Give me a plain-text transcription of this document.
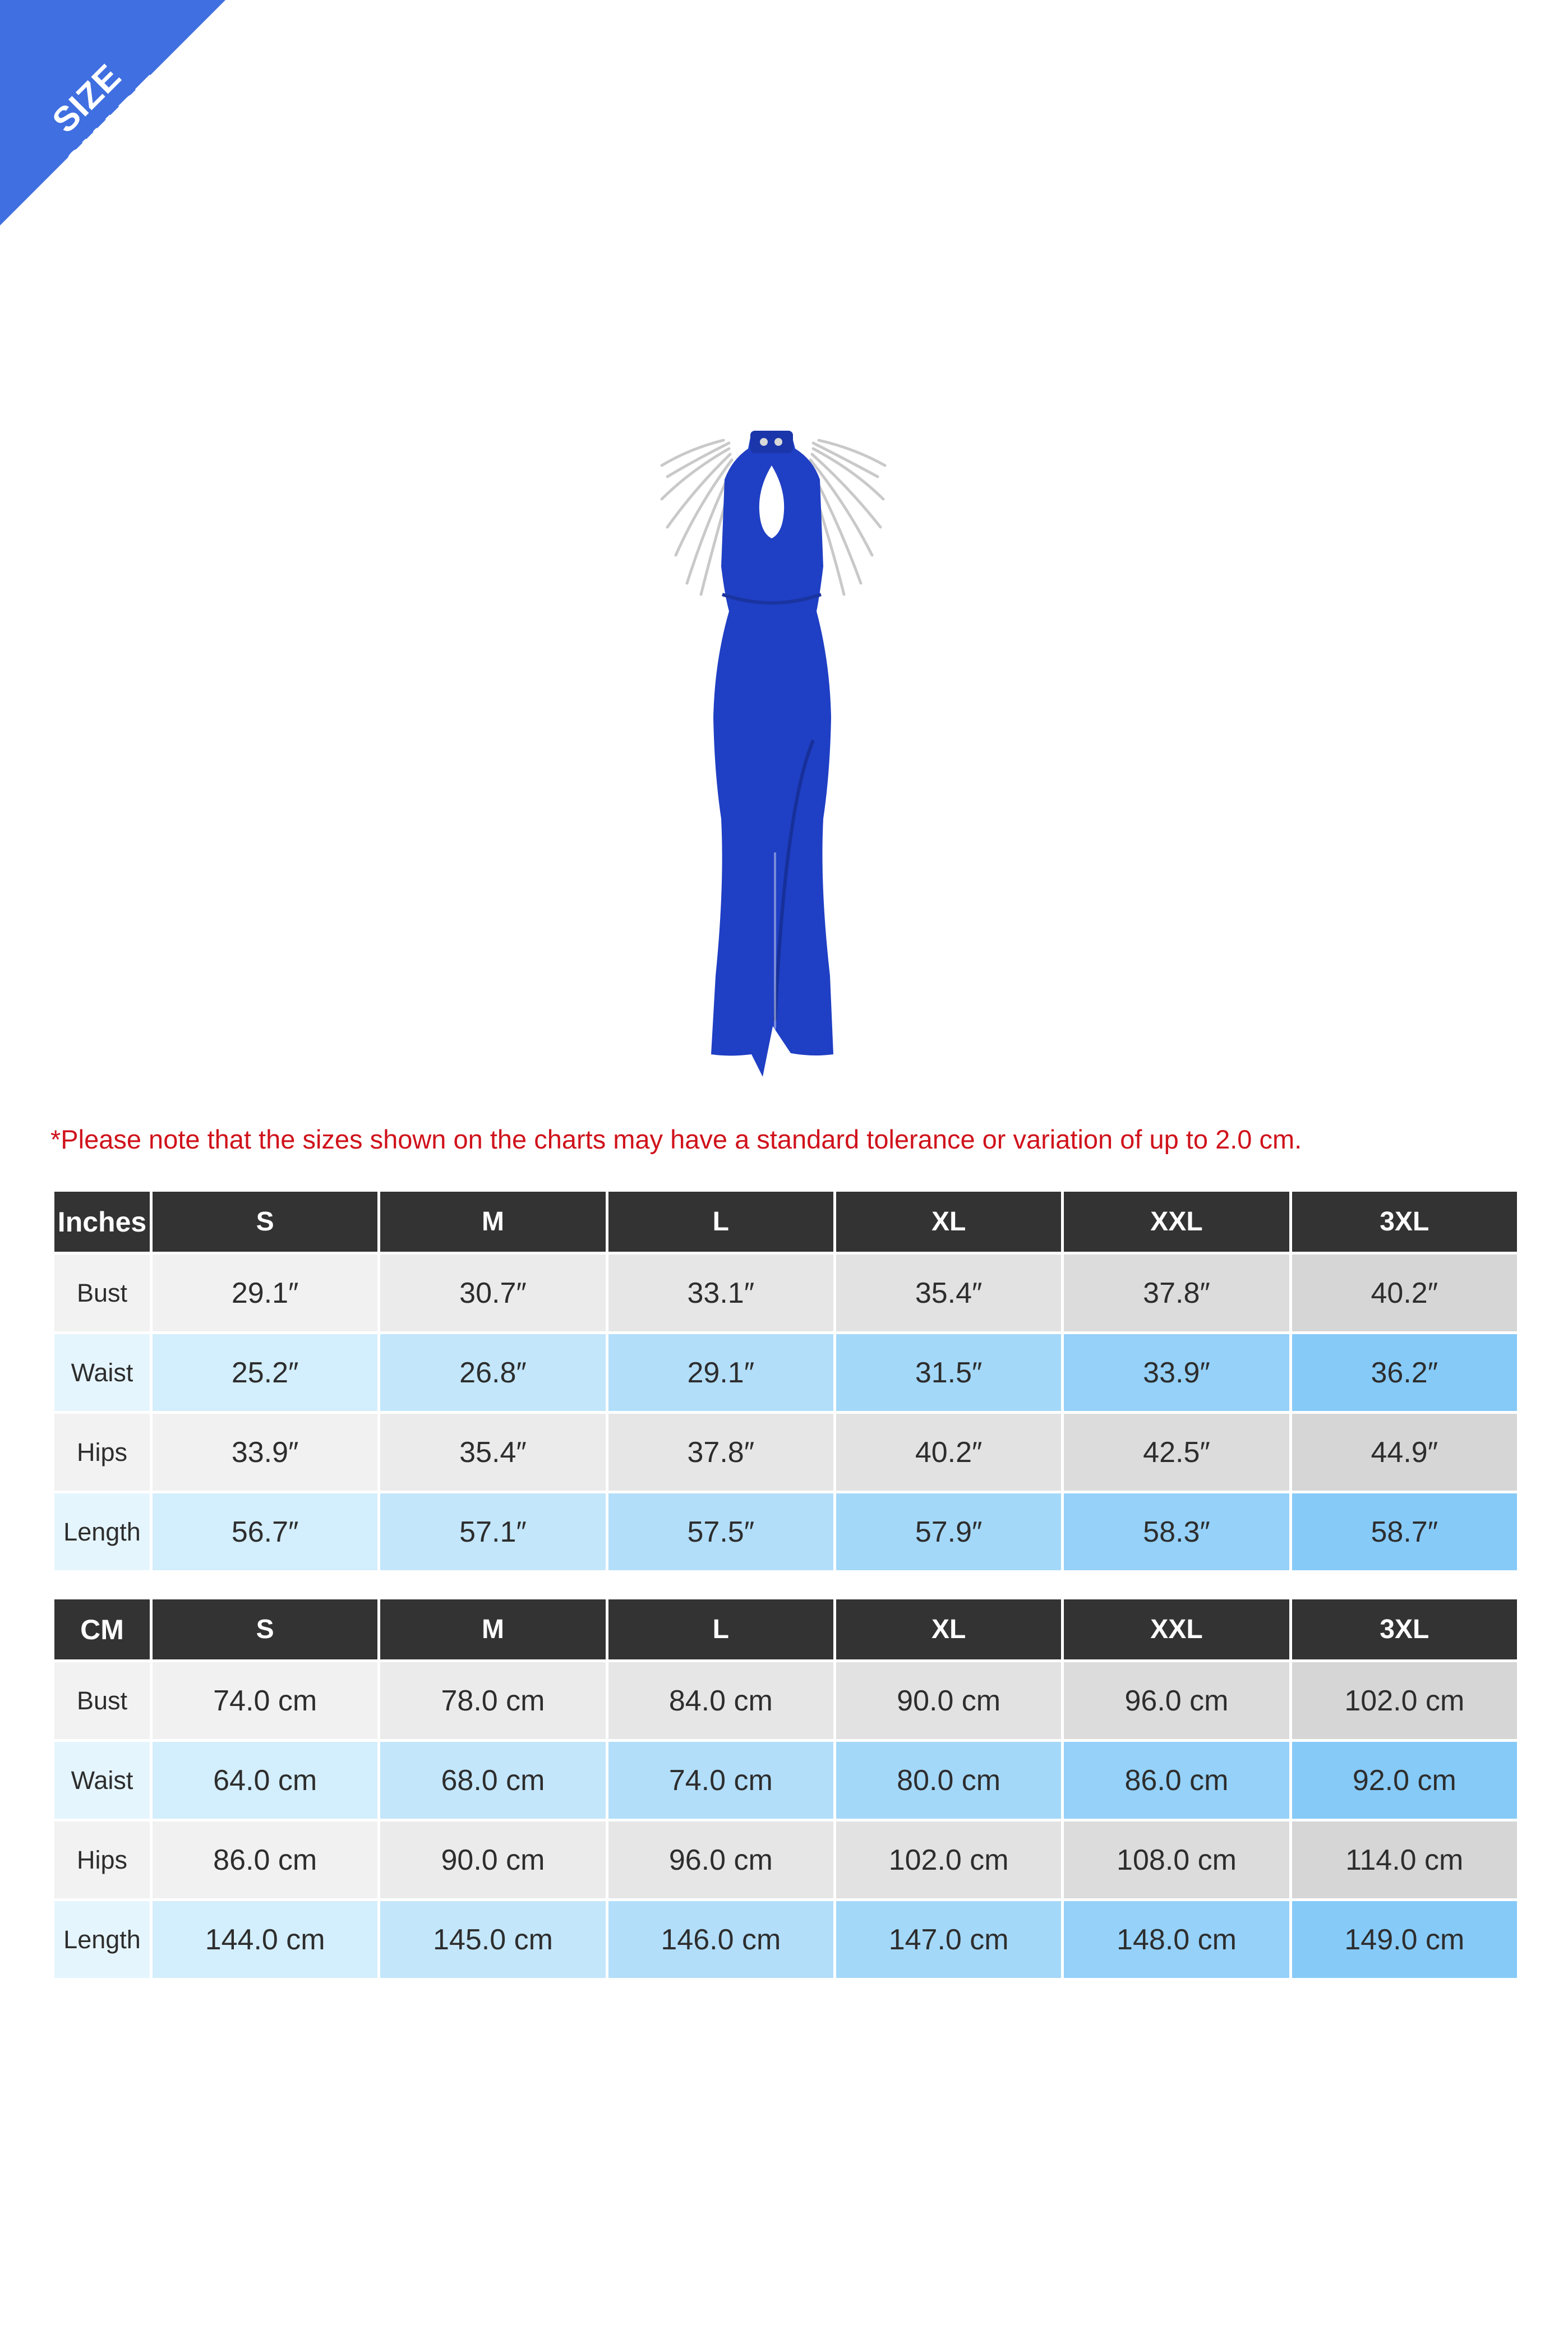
SIZE CHART
*Please note that the sizes shown on the charts may have a standard tolerance or variation of up to 2.0 cm.
Inches	S	M	L	XL	XXL	3XL
Bust	29.1″	30.7″	33.1″	35.4″	37.8″	40.2″
Waist	25.2″	26.8″	29.1″	31.5″	33.9″	36.2″
Hips	33.9″	35.4″	37.8″	40.2″	42.5″	44.9″
Length	56.7″	57.1″	57.5″	57.9″	58.3″	58.7″
CM	S	M	L	XL	XXL	3XL
Bust	74.0 cm	78.0 cm	84.0 cm	90.0 cm	96.0 cm	102.0 cm
Waist	64.0 cm	68.0 cm	74.0 cm	80.0 cm	86.0 cm	92.0 cm
Hips	86.0 cm	90.0 cm	96.0 cm	102.0 cm	108.0 cm	114.0 cm
Length	144.0 cm	145.0 cm	146.0 cm	147.0 cm	148.0 cm	149.0 cm
